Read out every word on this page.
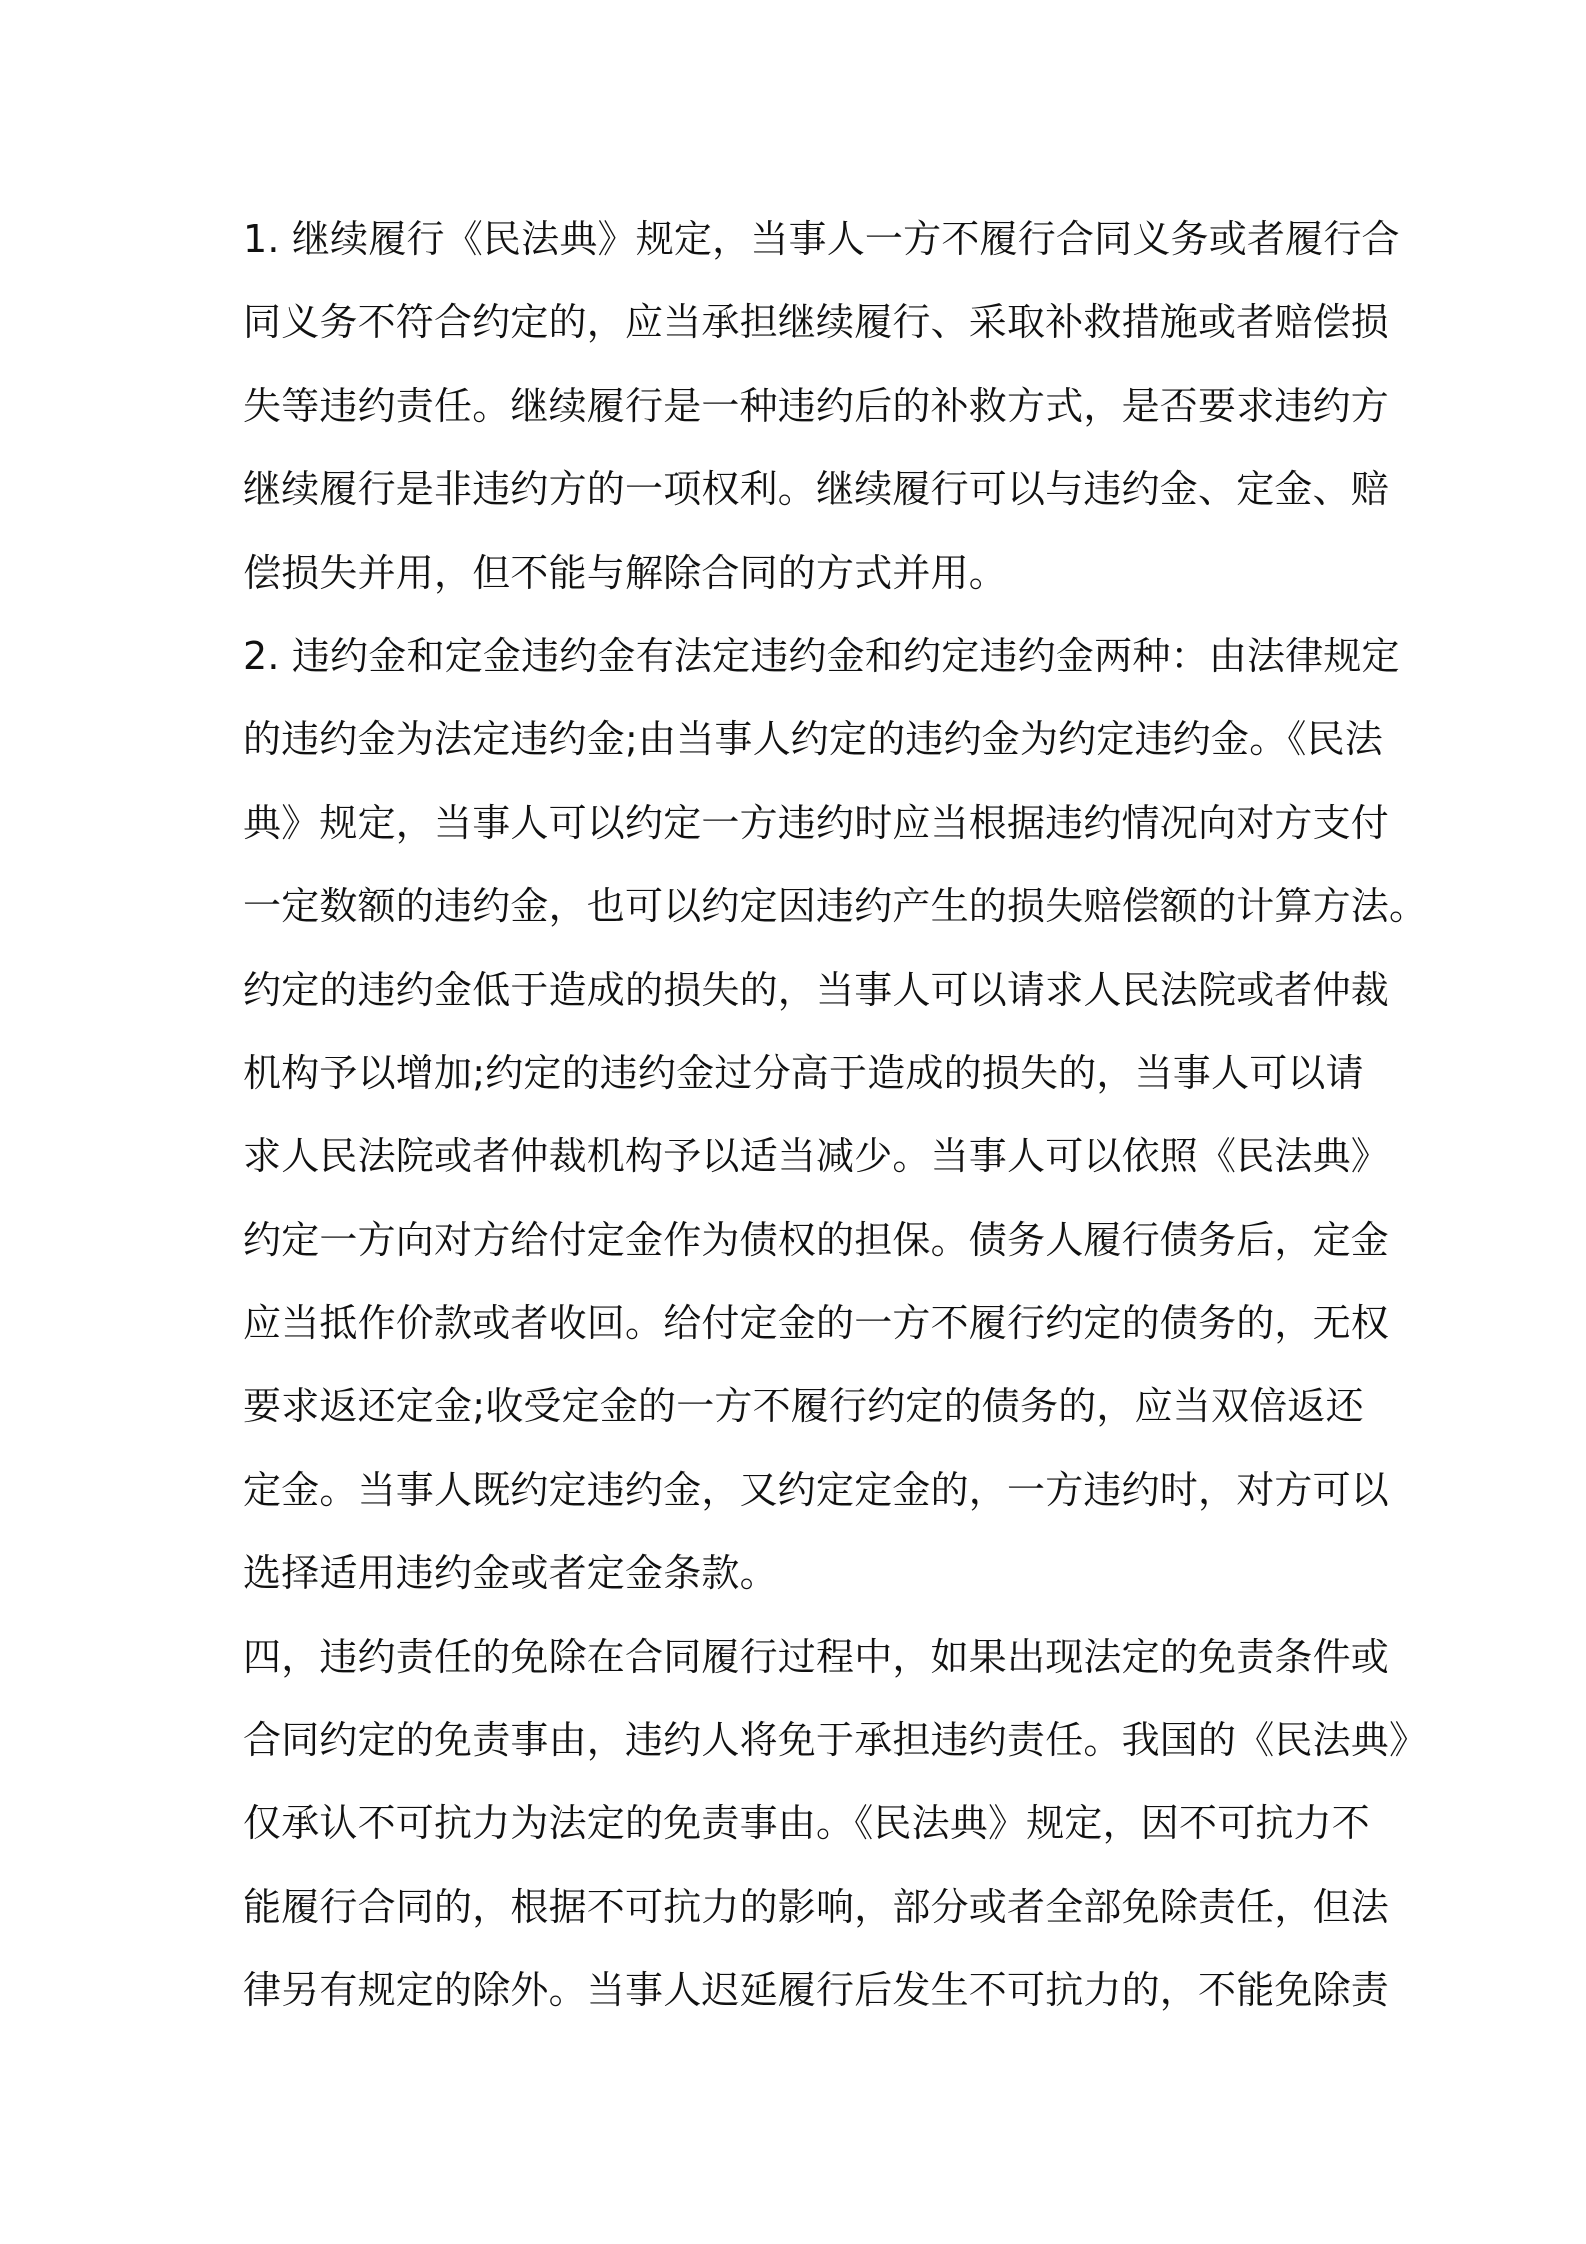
1. 继续履行《民法典》规定，当事人一方不履行合同义务或者履行合
同义务不符合约定的，应当承担继续履行、采取补救措施或者赔偿损
失等违约责任。继续履行是一种违约后的补救方式，是否要求违约方
继续履行是非违约方的一项权利。继续履行可以与违约金、定金、赔
偿损失并用，但不能与解除合同的方式并用。
2. 违约金和定金违约金有法定违约金和约定违约金两种：由法律规定
的违约金为法定违约金;由当事人约定的违约金为约定违约金。《民法
典》规定，当事人可以约定一方违约时应当根据违约情况向对方支付
一定数额的违约金，也可以约定因违约产生的损失赔偿额的计算方法。
约定的违约金低于造成的损失的，当事人可以请求人民法院或者仲裁
机构予以增加;约定的违约金过分高于造成的损失的，当事人可以请
求人民法院或者仲裁机构予以适当减少。当事人可以依照《民法典》
约定一方向对方给付定金作为债权的担保。债务人履行债务后，定金
应当抵作价款或者收回。给付定金的一方不履行约定的债务的，无权
要求返还定金;收受定金的一方不履行约定的债务的，应当双倍返还
定金。当事人既约定违约金，又约定定金的，一方违约时，对方可以
选择适用违约金或者定金条款。
四，违约责任的免除在合同履行过程中，如果出现法定的免责条件或
合同约定的免责事由，违约人将免于承担违约责任。我国的《民法典》
仅承认不可抗力为法定的免责事由。《民法典》规定，因不可抗力不
能履行合同的，根据不可抗力的影响，部分或者全部免除责任，但法
律另有规定的除外。当事人迟延履行后发生不可抗力的，不能免除责
